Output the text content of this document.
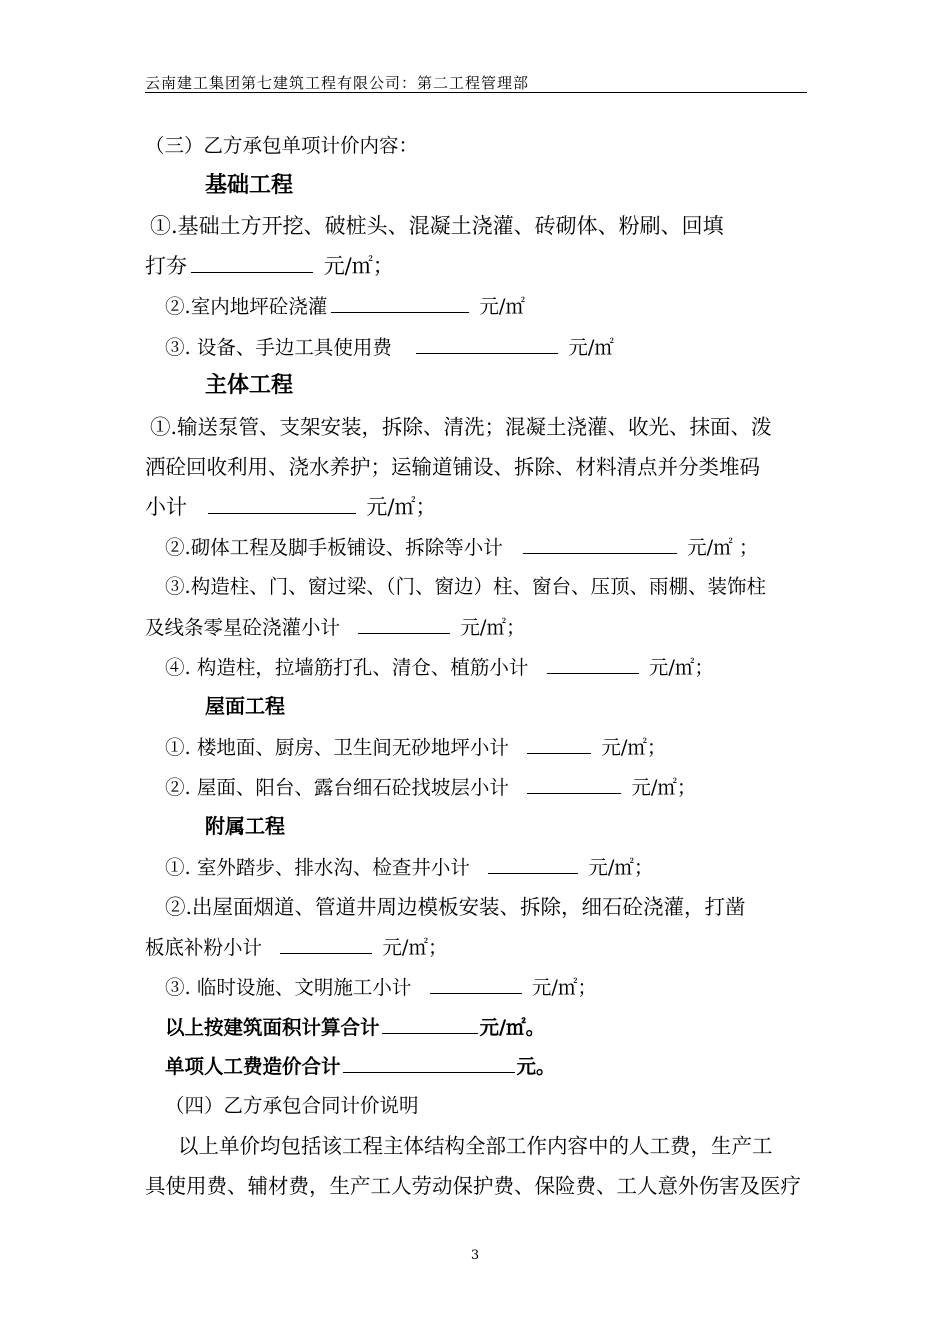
云南建工集团第七建筑工程有限公司：第二工程管理部
（三）乙方承包单项计价内容：
基础工程
①.基础土方开挖、破桩头、混凝土浇灌、砖砌体、粉刷、回填
打夯	元/㎡；
②.室内地坪砼浇灌	元/㎡
③. 设备、手边工具使用费	元/㎡
主体工程
①.输送泵管、支架安装，拆除、清洗；混凝土浇灌、收光、抹面、泼
洒砼回收利用、浇水养护；运输道铺设、拆除、材料清点并分类堆码
小计	元/㎡；
②.砌体工程及脚手板铺设、拆除等小计	元/㎡ ；
③.构造柱、门、窗过梁、（门、窗边）柱、窗台、压顶、雨棚、装饰柱
及线条零星砼浇灌小计	元/㎡；
④. 构造柱，拉墙筋打孔、清仓、植筋小计	元/㎡；
屋面工程
①. 楼地面、厨房、卫生间无砂地坪小计	元/㎡；
②. 屋面、阳台、露台细石砼找坡层小计	元/㎡；
附属工程
①. 室外踏步、排水沟、检查井小计	元/㎡；
②.出屋面烟道、管道井周边模板安装、拆除，细石砼浇灌，打凿
板底补粉小计	元/㎡；
③. 临时设施、文明施工小计	元/㎡；
以上按建筑面积计算合计	元/㎡。
单项人工费造价合计	元。
（四）乙方承包合同计价说明
以上单价均包括该工程主体结构全部工作内容中的人工费，生产工
具使用费、辅材费，生产工人劳动保护费、保险费、工人意外伤害及医疗
3
